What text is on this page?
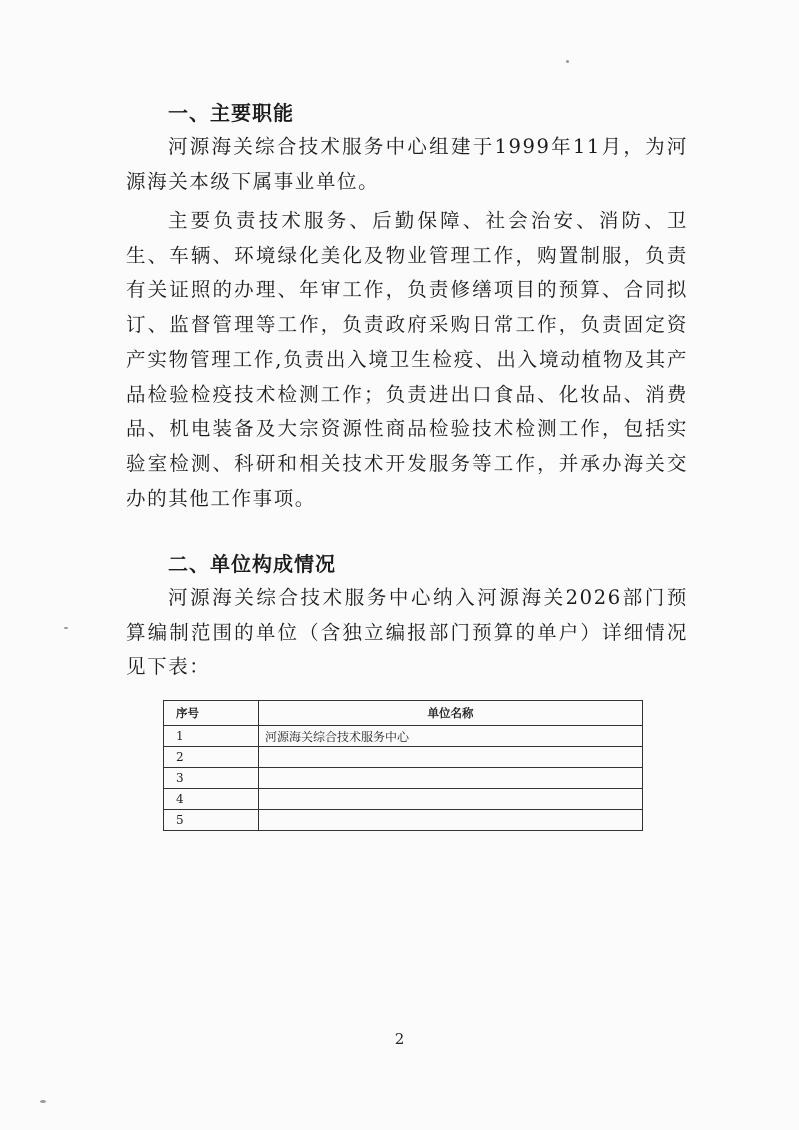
一、主要职能

河源海关综合技术服务中心组建于1999年11月，为河源海关本级下属事业单位。

主要负责技术服务、后勤保障、社会治安、消防、卫生、车辆、环境绿化美化及物业管理工作，购置制服，负责有关证照的办理、年审工作，负责修缮项目的预算、合同拟订、监督管理等工作，负责政府采购日常工作，负责固定资产实物管理工作,负责出入境卫生检疫、出入境动植物及其产品检验检疫技术检测工作；负责进出口食品、化妆品、消费品、机电装备及大宗资源性商品检验技术检测工作，包括实验室检测、科研和相关技术开发服务等工作，并承办海关交办的其他工作事项。

二、单位构成情况

河源海关综合技术服务中心纳入河源海关2026部门预算编制范围的单位（含独立编报部门预算的单户）详细情况见下表：

序号	单位名称
1	河源海关综合技术服务中心
2	
3	
4	
5	
2
